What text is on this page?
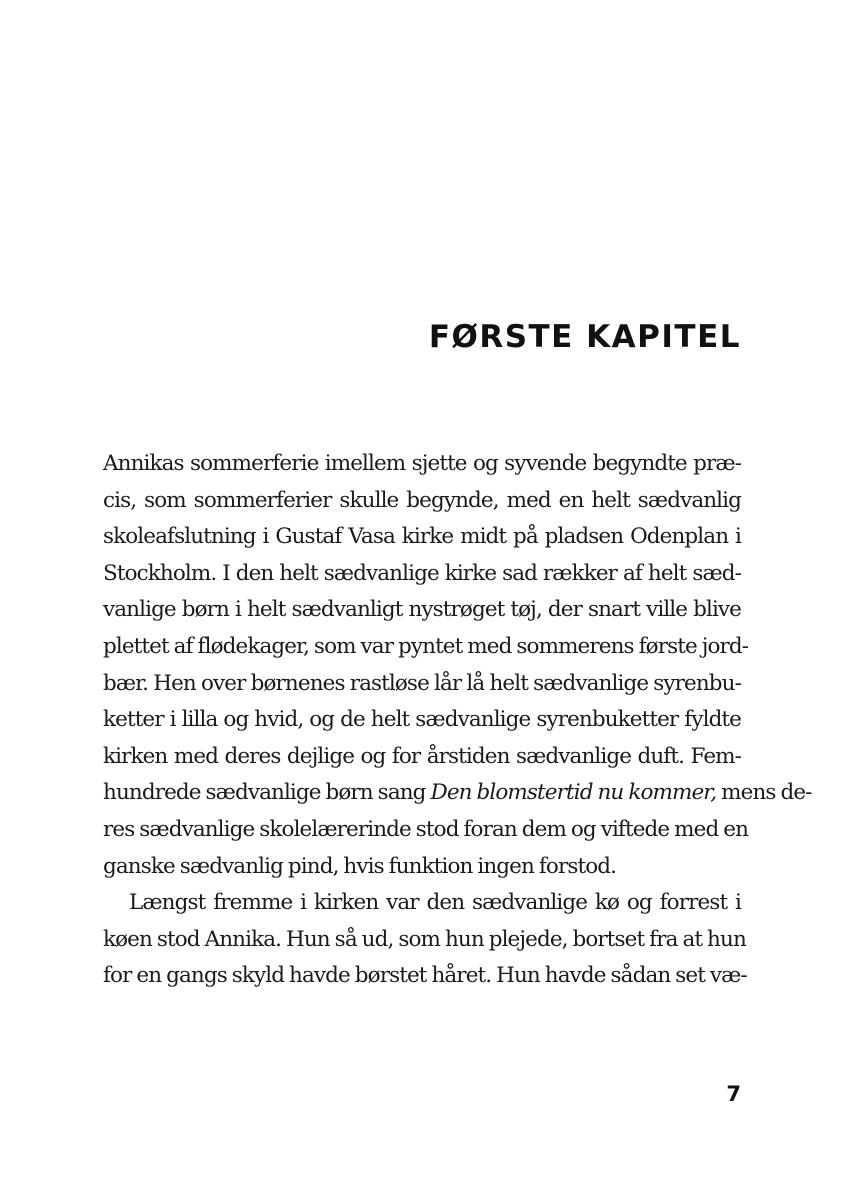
FØRSTE KAPITEL
Annikas sommerferie imellem sjette og syvende begyndte præ-
cis, som sommerferier skulle begynde, med en helt sædvanlig
skoleafslutning i Gustaf Vasa kirke midt på pladsen Odenplan i
Stockholm. I den helt sædvanlige kirke sad rækker af helt sæd-
vanlige børn i helt sædvanligt nystrøget tøj, der snart ville blive
plettet af flødekager, som var pyntet med sommerens første jord-
bær. Hen over børnenes rastløse lår lå helt sædvanlige syrenbu-
ketter i lilla og hvid, og de helt sædvanlige syrenbuketter fyldte
kirken med deres dejlige og for årstiden sædvanlige duft. Fem-
hundrede sædvanlige børn sang Den blomstertid nu kommer, mens de-
res sædvanlige skolelærerinde stod foran dem og viftede med en
ganske sædvanlig pind, hvis funktion ingen forstod.
Længst fremme i kirken var den sædvanlige kø og forrest i
køen stod Annika. Hun så ud, som hun plejede, bortset fra at hun
for en gangs skyld havde børstet håret. Hun havde sådan set væ-
7
